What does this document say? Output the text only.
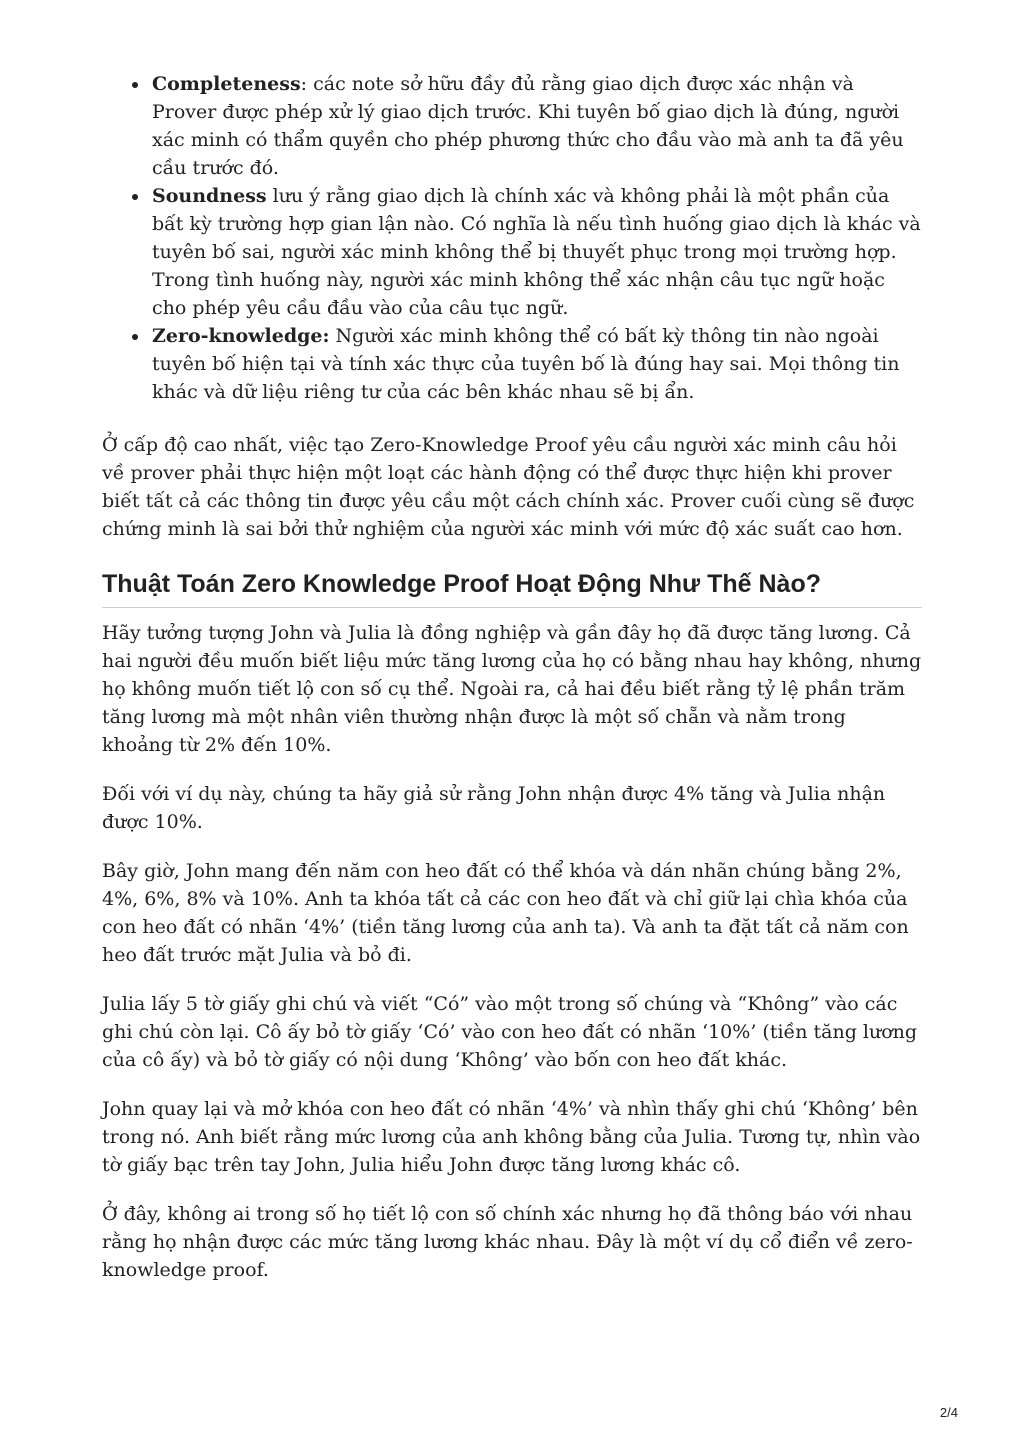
Completeness: các note sở hữu đầy đủ rằng giao dịch được xác nhận và Prover được phép xử lý giao dịch trước. Khi tuyên bố giao dịch là đúng, người xác minh có thẩm quyền cho phép phương thức cho đầu vào mà anh ta đã yêu cầu trước đó.
Soundness lưu ý rằng giao dịch là chính xác và không phải là một phần của bất kỳ trường hợp gian lận nào. Có nghĩa là nếu tình huống giao dịch là khác và tuyên bố sai, người xác minh không thể bị thuyết phục trong mọi trường hợp. Trong tình huống này, người xác minh không thể xác nhận câu tục ngữ hoặc cho phép yêu cầu đầu vào của câu tục ngữ.
Zero-knowledge: Người xác minh không thể có bất kỳ thông tin nào ngoài tuyên bố hiện tại và tính xác thực của tuyên bố là đúng hay sai. Mọi thông tin khác và dữ liệu riêng tư của các bên khác nhau sẽ bị ẩn.

Ở cấp độ cao nhất, việc tạo Zero-Knowledge Proof yêu cầu người xác minh câu hỏi về prover phải thực hiện một loạt các hành động có thể được thực hiện khi prover biết tất cả các thông tin được yêu cầu một cách chính xác. Prover cuối cùng sẽ được chứng minh là sai bởi thử nghiệm của người xác minh với mức độ xác suất cao hơn.

Thuật Toán Zero Knowledge Proof Hoạt Động Như Thế Nào?

Hãy tưởng tượng John và Julia là đồng nghiệp và gần đây họ đã được tăng lương. Cả hai người đều muốn biết liệu mức tăng lương của họ có bằng nhau hay không, nhưng họ không muốn tiết lộ con số cụ thể. Ngoài ra, cả hai đều biết rằng tỷ lệ phần trăm tăng lương mà một nhân viên thường nhận được là một số chẵn và nằm trong khoảng từ 2% đến 10%.

Đối với ví dụ này, chúng ta hãy giả sử rằng John nhận được 4% tăng và Julia nhận được 10%.

Bây giờ, John mang đến năm con heo đất có thể khóa và dán nhãn chúng bằng 2%, 4%, 6%, 8% và 10%. Anh ta khóa tất cả các con heo đất và chỉ giữ lại chìa khóa của con heo đất có nhãn ‘4%’ (tiền tăng lương của anh ta). Và anh ta đặt tất cả năm con heo đất trước mặt Julia và bỏ đi.

Julia lấy 5 tờ giấy ghi chú và viết “Có” vào một trong số chúng và “Không” vào các ghi chú còn lại. Cô ấy bỏ tờ giấy ‘Có’ vào con heo đất có nhãn ‘10%’ (tiền tăng lương của cô ấy) và bỏ tờ giấy có nội dung ‘Không’ vào bốn con heo đất khác.

John quay lại và mở khóa con heo đất có nhãn ‘4%’ và nhìn thấy ghi chú ‘Không’ bên trong nó. Anh biết rằng mức lương của anh không bằng của Julia. Tương tự, nhìn vào tờ giấy bạc trên tay John, Julia hiểu John được tăng lương khác cô.

Ở đây, không ai trong số họ tiết lộ con số chính xác nhưng họ đã thông báo với nhau rằng họ nhận được các mức tăng lương khác nhau. Đây là một ví dụ cổ điển về zero-knowledge proof.

2/4
